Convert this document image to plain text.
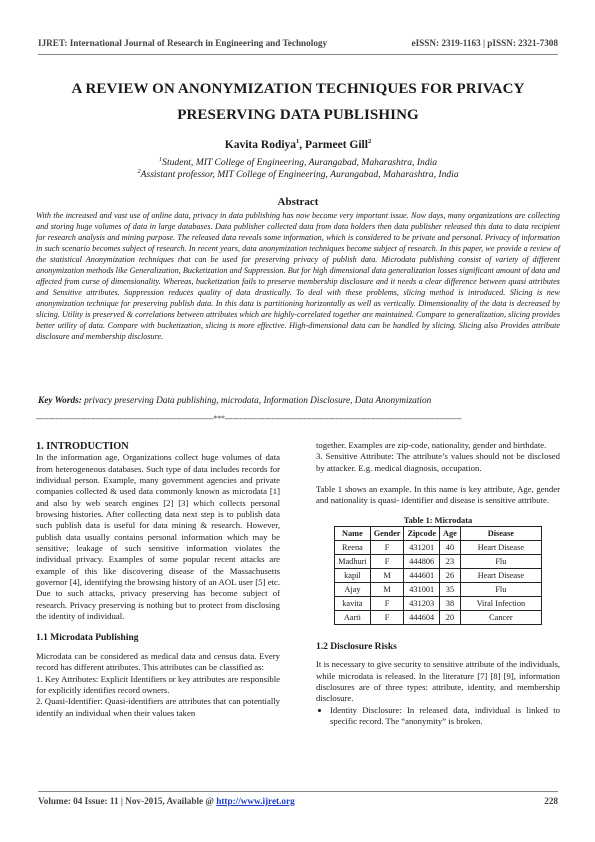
IJRET: International Journal of Research in Engineering and Technology	eISSN: 2319-1163 | pISSN: 2321-7308
A REVIEW ON ANONYMIZATION TECHNIQUES FOR PRIVACY
PRESERVING DATA PUBLISHING
Kavita Rodiya$^1$, Parmeet Gill$^2$
$^1$Student, MIT College of Engineering, Aurangabad, Maharashtra, India
$^2$Assistant professor, MIT College of Engineering, Aurangabad, Maharashtra, India
Abstract
With the increased and vast use of online data, privacy in data publishing has now become very important issue. Now days, many organizations are collecting and storing huge volumes of data in large databases. Data publisher collected data from data holders then data publisher released this data to data recipient for research analysis and mining purpose. The released data reveals some information, which is considered to be private and personal. Privacy of information in such scenario becomes subject of research. In recent years, data anonymization techniques become subject of research. In this paper, we provide a review of the statistical Anonymization techniques that can be used for preserving privacy of publish data. Microdata publishing consist of variety of different anonymization methods like Generalization, Bucketization and Suppression. But for high dimensional data generalization losses significant amount of data and affected from curse of dimensionality. Whereas, bucketization fails to preserve membership disclosure and it needs a clear difference between quasi attributes and Sensitive attributes. Suppression reduces quality of data drastically. To deal with these problems, slicing method is introduced. Slicing is new anonymization technique for preserving publish data. In this data is partitioning horizontally as well as vertically. Dimensionality of the data is decreased by slicing. Utility is preserved & correlations between attributes which are highly-correlated together are maintained. Compare to generalization, slicing provides better utility of data. Compare with bucketization, slicing is more effective. High-dimensional data can be handled by slicing. Slicing also Provides attribute disclosure and membership disclosure.
Key Words: privacy preserving Data publishing, microdata, Information Disclosure, Data Anonymization
------------------------------------------------------------------------***------------------------------------------------------------------------------------------------

1. INTRODUCTION

In the information age, Organizations collect huge volumes of data from heterogeneous databases. Such type of data includes records for individual person. Example, many government agencies and private companies collected & used data commonly known as microdata [1] and also by web search engines [2] [3] which collects personal browsing histories. After collecting data next step is to publish data such publish data is useful for data mining & research. However, publish data usually contains personal information which may be sensitive; leakage of such sensitive information violates the individual privacy. Examples of some popular recent attacks are example of this like discovering disease of the Massachusetts governor [4], identifying the browsing history of an AOL user [5] etc. Due to such attacks, privacy preserving has become subject of research. Privacy preserving is nothing but to protect from disclosing the identity of individual.

1.1 Microdata Publishing

Microdata can be considered as medical data and census data. Every record has different attributes. This attributes can be classified as:

1. Key Attributes: Explicit Identifiers or key attributes are responsible for explicitly identifies record owners.

2. Quasi-Identifier: Quasi-identifiers are attributes that can potentially identify an individual when their values taken

together. Examples are zip-code, nationality, gender and birthdate.

3. Sensitive Attribute: The attribute’s values should not be disclosed by attacker. E.g. medical diagnosis, occupation.

Table 1 shows an example. In this name is key attribute, Age, gender and nationality is quasi- identifier and disease is sensitive attribute.

Table 1: Microdata

Name	Gender	Zipcode	Age	Disease
Reena	F	431201	40	Heart Disease
Madhuri	F	444806	23	Flu
kapil	M	444601	26	Heart Disease
Ajay	M	431001	35	Flu
kavita	F	431203	38	Viral Infection
Aarti	F	444604	20	Cancer

1.2 Disclosure Risks

It is necessary to give security to sensitive attribute of the individuals, while microdata is released. In the literature [7] [8] [9], information disclosures are of three types: attribute, identity, and membership disclosure.

• Identity Disclosure: In released data, individual is linked to specific record. The “anonymity” is broken.
Volume: 04 Issue: 11 | Nov-2015, Available @ http://www.ijret.org	228
